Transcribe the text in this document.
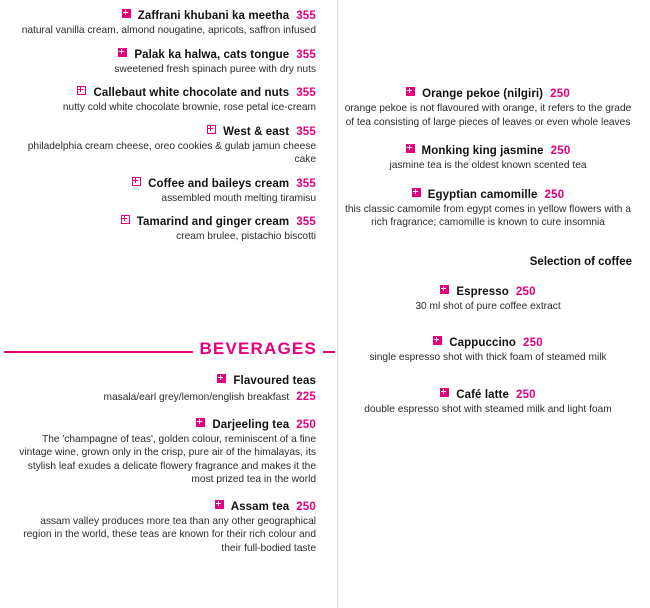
Zaffrani khubani ka meetha 355
natural vanilla cream, almond nougatine, apricots, saffron infused
Palak ka halwa, cats tongue 355
sweetened fresh spinach puree with dry nuts
Callebaut white chocolate and nuts 355
nutty cold white chocolate brownie, rose petal ice-cream
West & east 355
philadelphia cream cheese, oreo cookies & gulab jamun cheese cake
Coffee and baileys cream 355
assembled mouth melting tiramisu
Tamarind and ginger cream 355
cream brulee, pistachio biscotti
BEVERAGES
Flavoured teas
masala/earl grey/lemon/english breakfast 225
Darjeeling tea 250
The 'champagne of teas', golden colour, reminiscent of a fine vintage wine, grown only in the crisp, pure air of the himalayas, its stylish leaf exudes a delicate flowery fragrance and makes it the most prized tea in the world
Assam tea 250
assam valley produces more tea than any other geographical region in the world, these teas are known for their rich colour and their full-bodied taste
Orange pekoe (nilgiri) 250
orange pekoe is not flavoured with orange, it refers to the grade of tea consisting of large pieces of leaves or even whole leaves
Monking king jasmine 250
jasmine tea is the oldest known scented tea
Egyptian camomille 250
this classic camomile from egypt comes in yellow flowers with a rich fragrance; camomille is known to cure insomnia
Selection of coffee
Espresso 250
30 ml shot of pure coffee extract
Cappuccino 250
single espresso shot with thick foam of steamed milk
Café latte 250
double espresso shot with steamed milk and light foam
